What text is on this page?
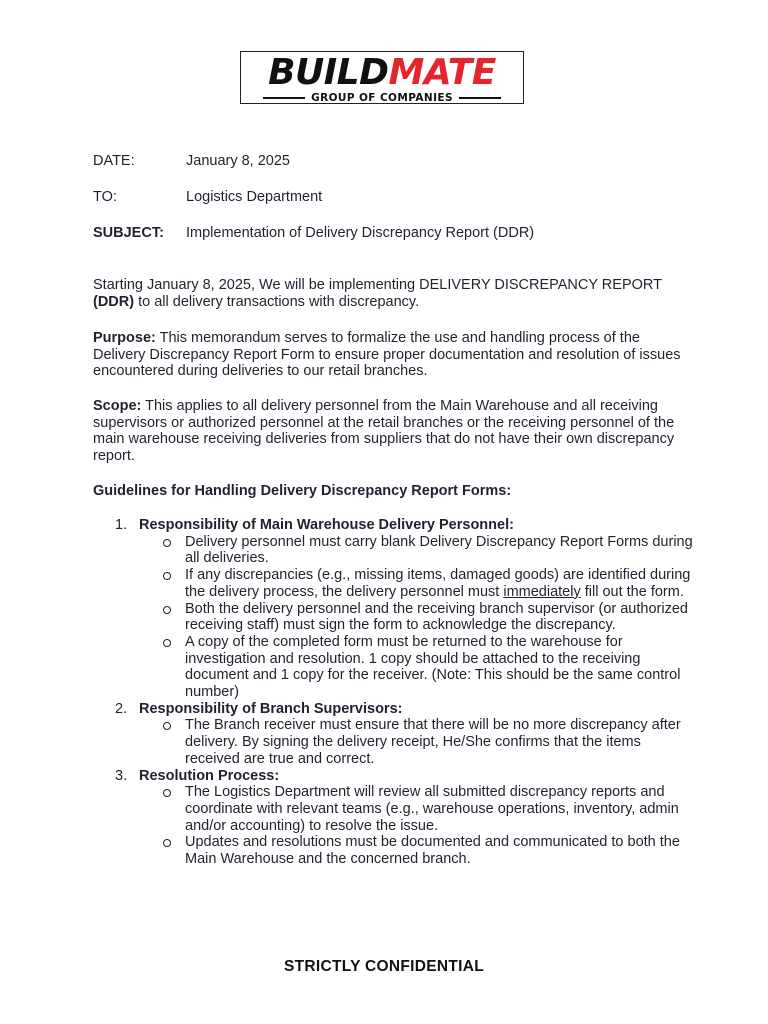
BUILDMATE
GROUP OF COMPANIES
DATE:	January 8, 2025
TO:	Logistics Department
SUBJECT: Implementation of Delivery Discrepancy Report (DDR)

Starting January 8, 2025, We will be implementing DELIVERY DISCREPANCY REPORT (DDR) to all delivery transactions with discrepancy.

Purpose: This memorandum serves to formalize the use and handling process of the Delivery Discrepancy Report Form to ensure proper documentation and resolution of issues encountered during deliveries to our retail branches.

Scope: This applies to all delivery personnel from the Main Warehouse and all receiving supervisors or authorized personnel at the retail branches or the receiving personnel of the main warehouse receiving deliveries from suppliers that do not have their own discrepancy report.

Guidelines for Handling Delivery Discrepancy Report Forms:
1. Responsibility of Main Warehouse Delivery Personnel:
Delivery personnel must carry blank Delivery Discrepancy Report Forms during all deliveries.
If any discrepancies (e.g., missing items, damaged goods) are identified during the delivery process, the delivery personnel must immediately fill out the form.
Both the delivery personnel and the receiving branch supervisor (or authorized receiving staff) must sign the form to acknowledge the discrepancy.
A copy of the completed form must be returned to the warehouse for investigation and resolution. 1 copy should be attached to the receiving document and 1 copy for the receiver. (Note: This should be the same control number)
2. Responsibility of Branch Supervisors:
The Branch receiver must ensure that there will be no more discrepancy after delivery. By signing the delivery receipt, He/She confirms that the items received are true and correct.
3. Resolution Process:
The Logistics Department will review all submitted discrepancy reports and coordinate with relevant teams (e.g., warehouse operations, inventory, admin and/or accounting) to resolve the issue.
Updates and resolutions must be documented and communicated to both the Main Warehouse and the concerned branch.
STRICTLY CONFIDENTIAL
